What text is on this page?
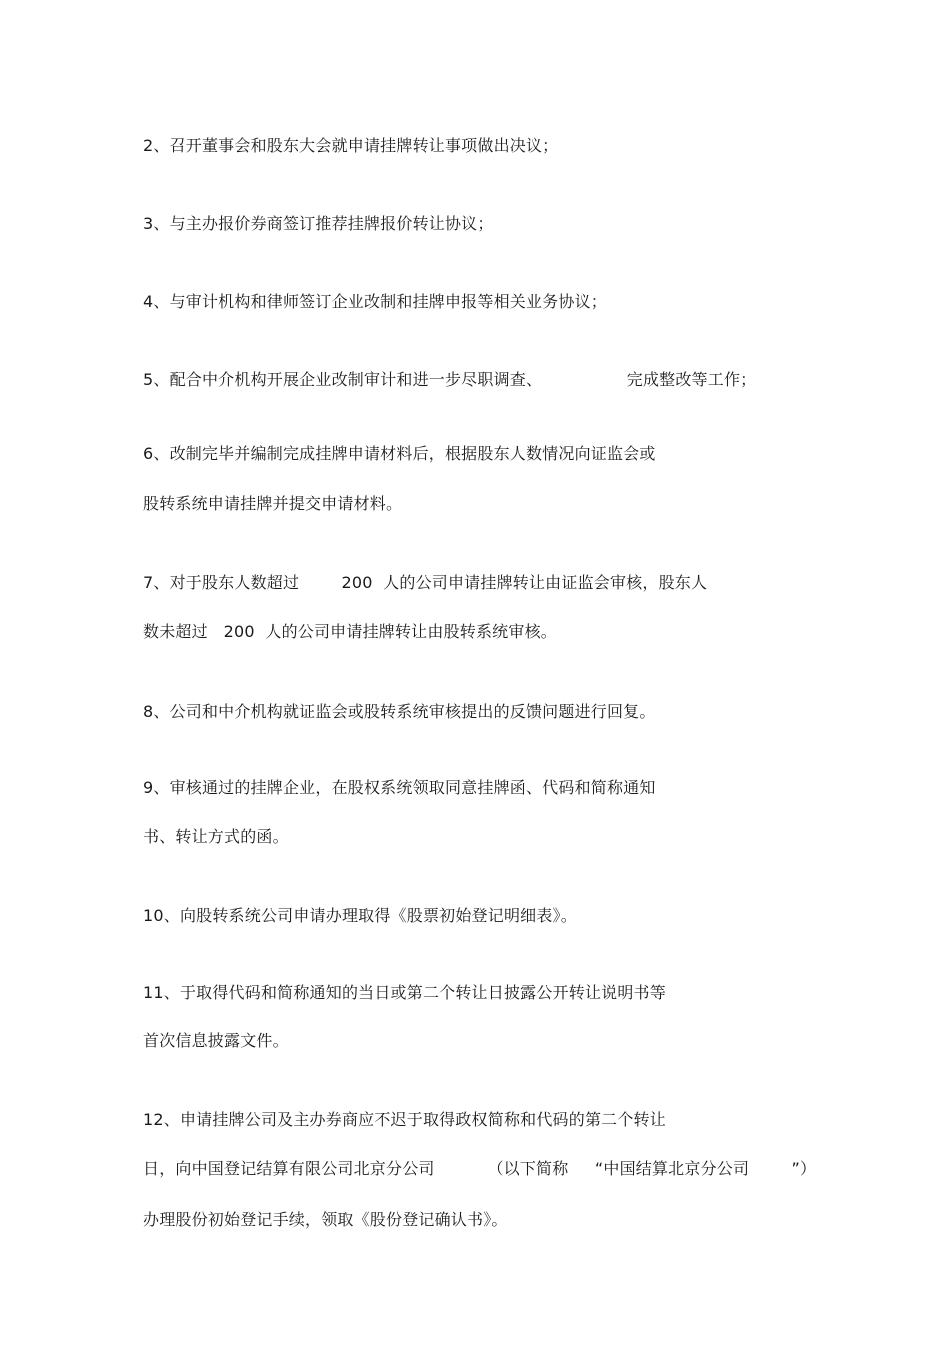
2、召开董事会和股东大会就申请挂牌转让事项做出决议；
3、与主办报价券商签订推荐挂牌报价转让协议；
4、与审计机构和律师签订企业改制和挂牌申报等相关业务协议；
5、配合中介机构开展企业改制审计和进一步尽职调查、                完成整改等工作；
6、改制完毕并编制完成挂牌申请材料后，根据股东人数情况向证监会或
股转系统申请挂牌并提交申请材料。
7、对于股东人数超过        200  人的公司申请挂牌转让由证监会审核，股东人
数未超过   200  人的公司申请挂牌转让由股转系统审核。
8、公司和中介机构就证监会或股转系统审核提出的反馈问题进行回复。
9、审核通过的挂牌企业，在股权系统领取同意挂牌函、代码和简称通知
书、转让方式的函。
10、向股转系统公司申请办理取得《股票初始登记明细表》。
11、于取得代码和简称通知的当日或第二个转让日披露公开转让说明书等
首次信息披露文件。
12、申请挂牌公司及主办券商应不迟于取得政权简称和代码的第二个转让
日，向中国登记结算有限公司北京分公司          （以下简称     “中国结算北京分公司        ”）
办理股份初始登记手续，领取《股份登记确认书》。
